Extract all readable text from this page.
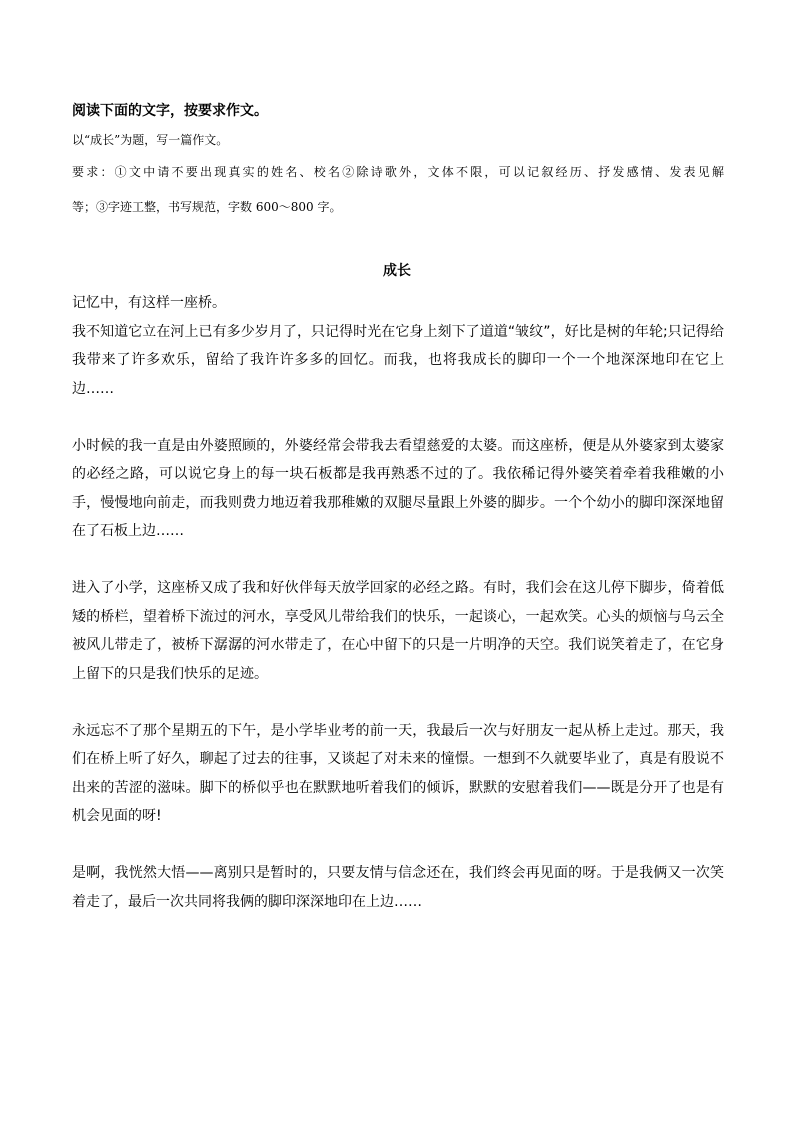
阅读下面的文字，按要求作文。
以“成长”为题，写一篇作文。
要求：①文中请不要出现真实的姓名、校名②除诗歌外，文体不限，可以记叙经历、抒发感情、发表见解
等；③字迹工整，书写规范，字数 600～800 字。
成长

记忆中，有这样一座桥。

我不知道它立在河上已有多少岁月了，只记得时光在它身上刻下了道道“皱纹”，好比是树的年轮;只记得给我带来了许多欢乐，留给了我许许多多的回忆。而我，也将我成长的脚印一个一个地深深地印在它上边……

小时候的我一直是由外婆照顾的，外婆经常会带我去看望慈爱的太婆。而这座桥，便是从外婆家到太婆家的必经之路，可以说它身上的每一块石板都是我再熟悉不过的了。我依稀记得外婆笑着牵着我稚嫩的小手，慢慢地向前走，而我则费力地迈着我那稚嫩的双腿尽量跟上外婆的脚步。一个个幼小的脚印深深地留在了石板上边……

进入了小学，这座桥又成了我和好伙伴每天放学回家的必经之路。有时，我们会在这儿停下脚步，倚着低矮的桥栏，望着桥下流过的河水，享受风儿带给我们的快乐，一起谈心，一起欢笑。心头的烦恼与乌云全被风儿带走了，被桥下潺潺的河水带走了，在心中留下的只是一片明净的天空。我们说笑着走了，在它身上留下的只是我们快乐的足迹。

永远忘不了那个星期五的下午，是小学毕业考的前一天，我最后一次与好朋友一起从桥上走过。那天，我们在桥上听了好久，聊起了过去的往事，又谈起了对未来的憧憬。一想到不久就要毕业了，真是有股说不出来的苦涩的滋味。脚下的桥似乎也在默默地听着我们的倾诉，默默的安慰着我们——既是分开了也是有机会见面的呀!

是啊，我恍然大悟——离别只是暂时的，只要友情与信念还在，我们终会再见面的呀。于是我俩又一次笑着走了，最后一次共同将我俩的脚印深深地印在上边……
